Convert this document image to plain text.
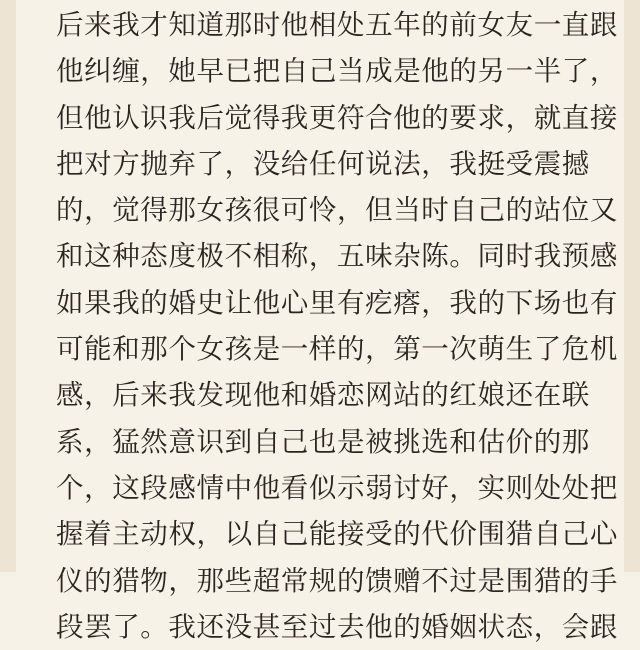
后来我才知道那时他相处五年的前女友一直跟
他纠缠，她早已把自己当成是他的另一半了，
但他认识我后觉得我更符合他的要求，就直接
把对方抛弃了，没给任何说法，我挺受震撼
的，觉得那女孩很可怜，但当时自己的站位又
和这种态度极不相称，五味杂陈。同时我预感
如果我的婚史让他心里有疙瘩，我的下场也有
可能和那个女孩是一样的，第一次萌生了危机
感，后来我发现他和婚恋网站的红娘还在联
系，猛然意识到自己也是被挑选和估价的那
个，这段感情中他看似示弱讨好，实则处处把
握着主动权，以自己能接受的代价围猎自己心
仪的猎物，那些超常规的馈赠不过是围猎的手
段罢了。我还没甚至过去他的婚姻状态，会跟
